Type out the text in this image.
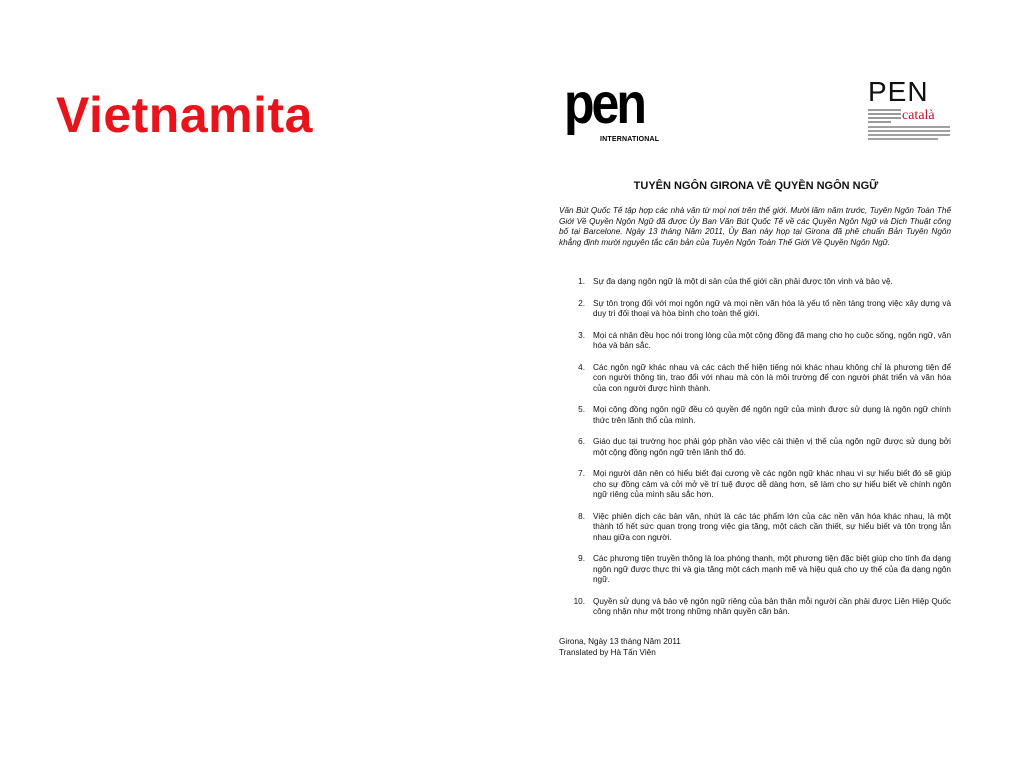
Vietnamita	pen
INTERNATIONAL
PEN
català
TUYÊN NGÔN GIRONA VỀ QUYỀN NGÔN NGỮ

Văn Bút Quốc Tế tập hợp các nhà văn từ mọi nơi trên thế giới. Mười lăm năm trước, Tuyên Ngôn Toàn Thế Giới Về Quyền Ngôn Ngữ đã được Ủy Ban Văn Bút Quốc Tế về các Quyền Ngôn Ngữ và Dịch Thuật công bố tại Barcelone. Ngày 13 tháng Năm 2011, Ủy Ban này họp tại Girona đã phê chuẩn Bản Tuyên Ngôn khẳng định mười nguyên tắc căn bản của Tuyên Ngôn Toàn Thế Giới Về Quyền Ngôn Ngữ.

1. Sự đa dạng ngôn ngữ là một di sản của thế giới cần phải được tôn vinh và bảo vệ.
2. Sự tôn trọng đối với mọi ngôn ngữ và mọi nền văn hóa là yếu tố nền tảng trong việc xây dựng và duy trì đối thoại và hòa bình cho toàn thế giới.
3. Mọi cá nhân đều học nói trong lòng của một cộng đồng đã mang cho họ cuộc sống, ngôn ngữ, văn hóa và bản sắc.
4. Các ngôn ngữ khác nhau và các cách thể hiện tiếng nói khác nhau không chỉ là phương tiện để con người thông tin, trao đổi với nhau mà còn là môi trường để con người phát triển và văn hóa của con người được hình thành.
5. Mọi cộng đồng ngôn ngữ đều có quyền để ngôn ngữ của mình được sử dụng là ngôn ngữ chính thức trên lãnh thổ của mình.
6. Giáo dục tại trường học phải góp phần vào việc cải thiện vị thế của ngôn ngữ được sử dụng bởi một cộng đồng ngôn ngữ trên lãnh thổ đó.
7. Mọi người dân nên có hiểu biết đại cương về các ngôn ngữ khác nhau vì sự hiểu biết đó sẽ giúp cho sự đồng cảm và cởi mở về trí tuệ được dễ dàng hơn, sẽ làm cho sự hiểu biết về chính ngôn ngữ riêng của mình sâu sắc hơn.
8. Việc phiên dịch các bản văn, nhứt là các tác phẩm lớn của các nền văn hóa khác nhau, là một thành tố hết sức quan trọng trong việc gia tăng, một cách cần thiết, sự hiểu biết và tôn trọng lẫn nhau giữa con người.
9. Các phương tiện truyền thông là loa phóng thanh, một phương tiện đặc biệt giúp cho tính đa dạng ngôn ngữ được thực thi và gia tăng một cách mạnh mẽ và hiệu quả cho uy thế của đa dạng ngôn ngữ.
10. Quyền sử dụng và bảo vệ ngôn ngữ riêng của bản thân mỗi người cần phải được Liên Hiệp Quốc công nhận như một trong những nhân quyền căn bản.

Girona, Ngày 13 tháng Năm 2011
Translated by Hà Tấn Viên
